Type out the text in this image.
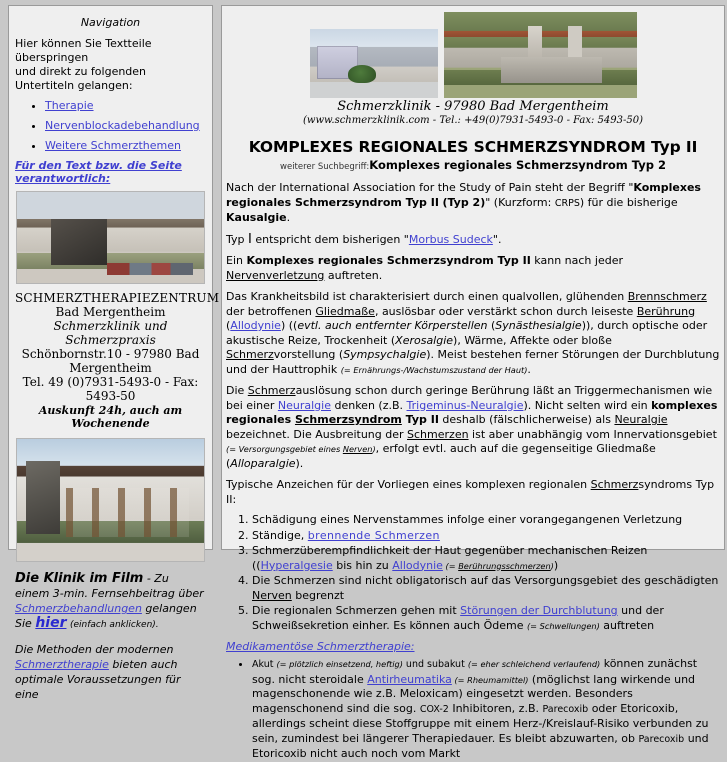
Navigation
Hier können Sie Textteile überspringen
und direkt zu folgenden Untertiteln gelangen:
• Therapie
• Nervenblockadebehandlung
• Weitere Schmerzthemen
Für den Text bzw. die Seite verantwortlich:
SCHMERZTHERAPIEZENTRUM
Bad Mergentheim
Schmerzklinik und Schmerzpraxis
Schönbornstr.10 - 97980 Bad Mergentheim
Tel. 49 (0)7931-5493-0 - Fax: 5493-50
Auskunft 24h, auch am Wochenende
Die Klinik im Film - Zu einem 3-min. Fernsehbeitrag über Schmerzbehandlungen gelangen Sie hier (einfach anklicken).
Die Methoden der modernen Schmerztherapie bieten auch optimale Voraussetzungen für eine
Schmerzklinik - 97980 Bad Mergentheim
(www.schmerzklinik.com - Tel.: +49(0)7931-5493-0 - Fax: 5493-50)
KOMPLEXES REGIONALES SCHMERZSYNDROM Typ II
weiterer Suchbegriff:Komplexes regionales Schmerzsyndrom Typ 2

Nach der International Association for the Study of Pain steht der Begriff "Komplexes regionales Schmerzsyndrom Typ II (Typ 2)" (Kurzform: CRPS) für die bisherige Kausalgie.

Typ I entspricht dem bisherigen "Morbus Sudeck".

Ein Komplexes regionales Schmerzsyndrom Typ II kann nach jeder Nervenverletzung auftreten.

Das Krankheitsbild ist charakterisiert durch einen qualvollen, glühenden Brennschmerz der betroffenen Gliedmaße, auslösbar oder verstärkt schon durch leiseste Berührung (Allodynie) ((evtl. auch entfernter Körperstellen (Synästhesialgie)), durch optische oder akustische Reize, Trockenheit (Xerosalgie), Wärme, Affekte oder bloße Schmerzvorstellung (Sympsychalgie). Meist bestehen ferner Störungen der Durchblutung und der Hauttrophik (= Ernährungs-/Wachstumszustand der Haut).

Die Schmerzauslösung schon durch geringe Berührung läßt an Triggermechanismen wie bei einer Neuralgie denken (z.B. Trigeminus-Neuralgie). Nicht selten wird ein komplexes regionales Schmerzsyndrom Typ II deshalb (fälschlicherweise) als Neuralgie bezeichnet. Die Ausbreitung der Schmerzen ist aber unabhängig vom Innervationsgebiet (= Versorgungsgebiet eines Nerven), erfolgt evtl. auch auf die gegenseitige Gliedmaße (Alloparalgie).

Typische Anzeichen für der Vorliegen eines komplexen regionalen Schmerzsyndroms Typ II:

1. Schädigung eines Nervenstammes infolge einer vorangegangenen Verletzung
2. Ständige, brennende Schmerzen
3. Schmerzüberempfindlichkeit der Haut gegenüber mechanischen Reizen ((Hyperalgesie bis hin zu Allodynie (= Berührungsschmerzen))
4. Die Schmerzen sind nicht obligatorisch auf das Versorgungsgebiet des geschädigten Nerven begrenzt
5. Die regionalen Schmerzen gehen mit Störungen der Durchblutung und der Schweißsekretion einher. Es können auch Ödeme (= Schwellungen) auftreten
Medikamentöse Schmerztherapie:
• Akut (= plötzlich einsetzend, heftig) und subakut (= eher schleichend verlaufend) können zunächst sog. nicht steroidale Antirheumatika (= Rheumamittel) (möglichst lang wirkende und magenschonende wie z.B. Meloxicam) eingesetzt werden. Besonders magenschonend sind die sog. COX-2 Inhibitoren, z.B. Parecoxib oder Etoricoxib, allerdings scheint diese Stoffgruppe mit einem Herz-/Kreislauf-Risiko verbunden zu sein, zumindest bei längerer Therapiedauer. Es bleibt abzuwarten, ob Parecoxib und Etoricoxib nicht auch noch vom Markt
